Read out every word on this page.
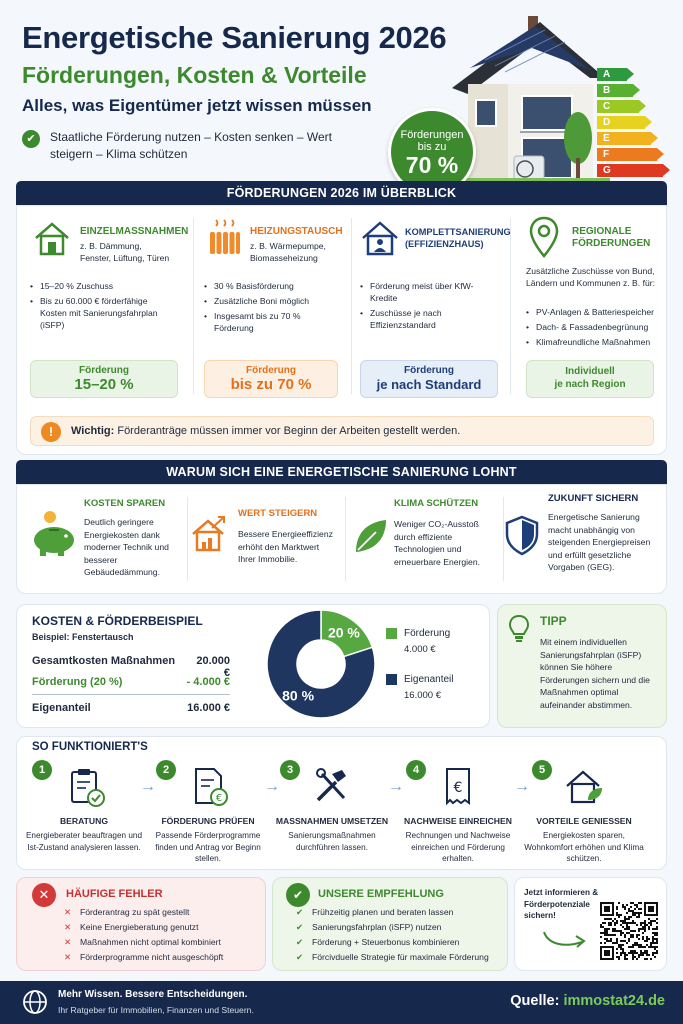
Energetische Sanierung 2026
Förderungen, Kosten & Vorteile
Alles, was Eigentümer jetzt wissen müssen
✔	Staatliche Förderung nutzen – Kosten senken – Wert steigern – Klima schützen
A
B
C
D
E
F
G
Förderungen
bis zu
70 %
FÖRDERUNGEN 2026 IM ÜBERBLICK
EINZELMASSNAHMEN
z. B. Dämmung, Fenster, Lüftung, Türen
• 15–20 % Zuschuss
• Bis zu 60.000 € förderfähige Kosten mit Sanierungsfahrplan (iSFP)
Förderung
15–20 %
HEIZUNGSTAUSCH
z. B. Wärmepumpe, Biomasseheizung
• 30 % Basisförderung
• Zusätzliche Boni möglich
• Insgesamt bis zu 70 % Förderung
Förderung
bis zu 70 %
KOMPLETTSANIERUNG (EFFIZIENZHAUS)
• Förderung meist über KfW-Kredite
• Zuschüsse je nach Effizienzstandard
Förderung
je nach Standard
REGIONALE FÖRDERUNGEN
Zusätzliche Zuschüsse von Bund, Ländern und Kommunen z. B. für:
• PV-Anlagen & Batteriespeicher
• Dach- & Fassadenbegrünung
• Klimafreundliche Maßnahmen
Individuell
je nach Region
!	Wichtig: Förderanträge müssen immer vor Beginn der Arbeiten gestellt werden.
WARUM SICH EINE ENERGETISCHE SANIERUNG LOHNT
KOSTEN SPAREN
Deutlich geringere Energiekosten dank moderner Technik und besserer Gebäudedämmung.
WERT STEIGERN
Bessere Energieeffizienz erhöht den Marktwert Ihrer Immobilie.
KLIMA SCHÜTZEN
Weniger CO₂-Ausstoß durch effiziente Technologien und erneuerbare Energien.
ZUKUNFT SICHERN
Energetische Sanierung macht unabhängig von steigenden Energiepreisen und erfüllt gesetzliche Vorgaben (GEG).
KOSTEN & FÖRDERBEISPIEL
Beispiel: Fenstertausch
Gesamtkosten Maßnahmen	20.000 €
Förderung (20 %)	- 4.000 €
Eigenanteil	16.000 €
20 %
80 %
Förderung
4.000 €
Eigenanteil
16.000 €
TIPP
Mit einem individuellen Sanierungsfahrplan (iSFP) können Sie höhere Förderungen sichern und die Maßnahmen optimal aufeinander abstimmen.
SO FUNKTIONIERT'S
1
BERATUNG
Energieberater beauftragen und Ist-Zustand analysieren lassen.
→
2
€
FÖRDERUNG PRÜFEN
Passende Förderprogramme finden und Antrag vor Beginn stellen.
→
3
MASSNAHMEN UMSETZEN
Sanierungsmaßnahmen durchführen lassen.
→
4
€
NACHWEISE EINREICHEN
Rechnungen und Nachweise einreichen und Förderung erhalten.
→
5
VORTEILE GENIESSEN
Energiekosten sparen, Wohnkomfort erhöhen und Klima schützen.
✕	HÄUFIGE FEHLER
✕ Förderantrag zu spät gestellt
✕ Keine Energieberatung genutzt
✕ Maßnahmen nicht optimal kombiniert
✕ Förderprogramme nicht ausgeschöpft
✔	UNSERE EMPFEHLUNG
✔ Frühzeitig planen und beraten lassen
✔ Sanierungsfahrplan (iSFP) nutzen
✔ Förderung + Steuerbonus kombinieren
✔ Förcivduelle Strategie für maximale Förderung
Jetzt informieren & Förderpotenziale sichern!
Mehr Wissen. Bessere Entscheidungen.
Ihr Ratgeber für Immobilien, Finanzen und Steuern.
Quelle: immostat24.de
